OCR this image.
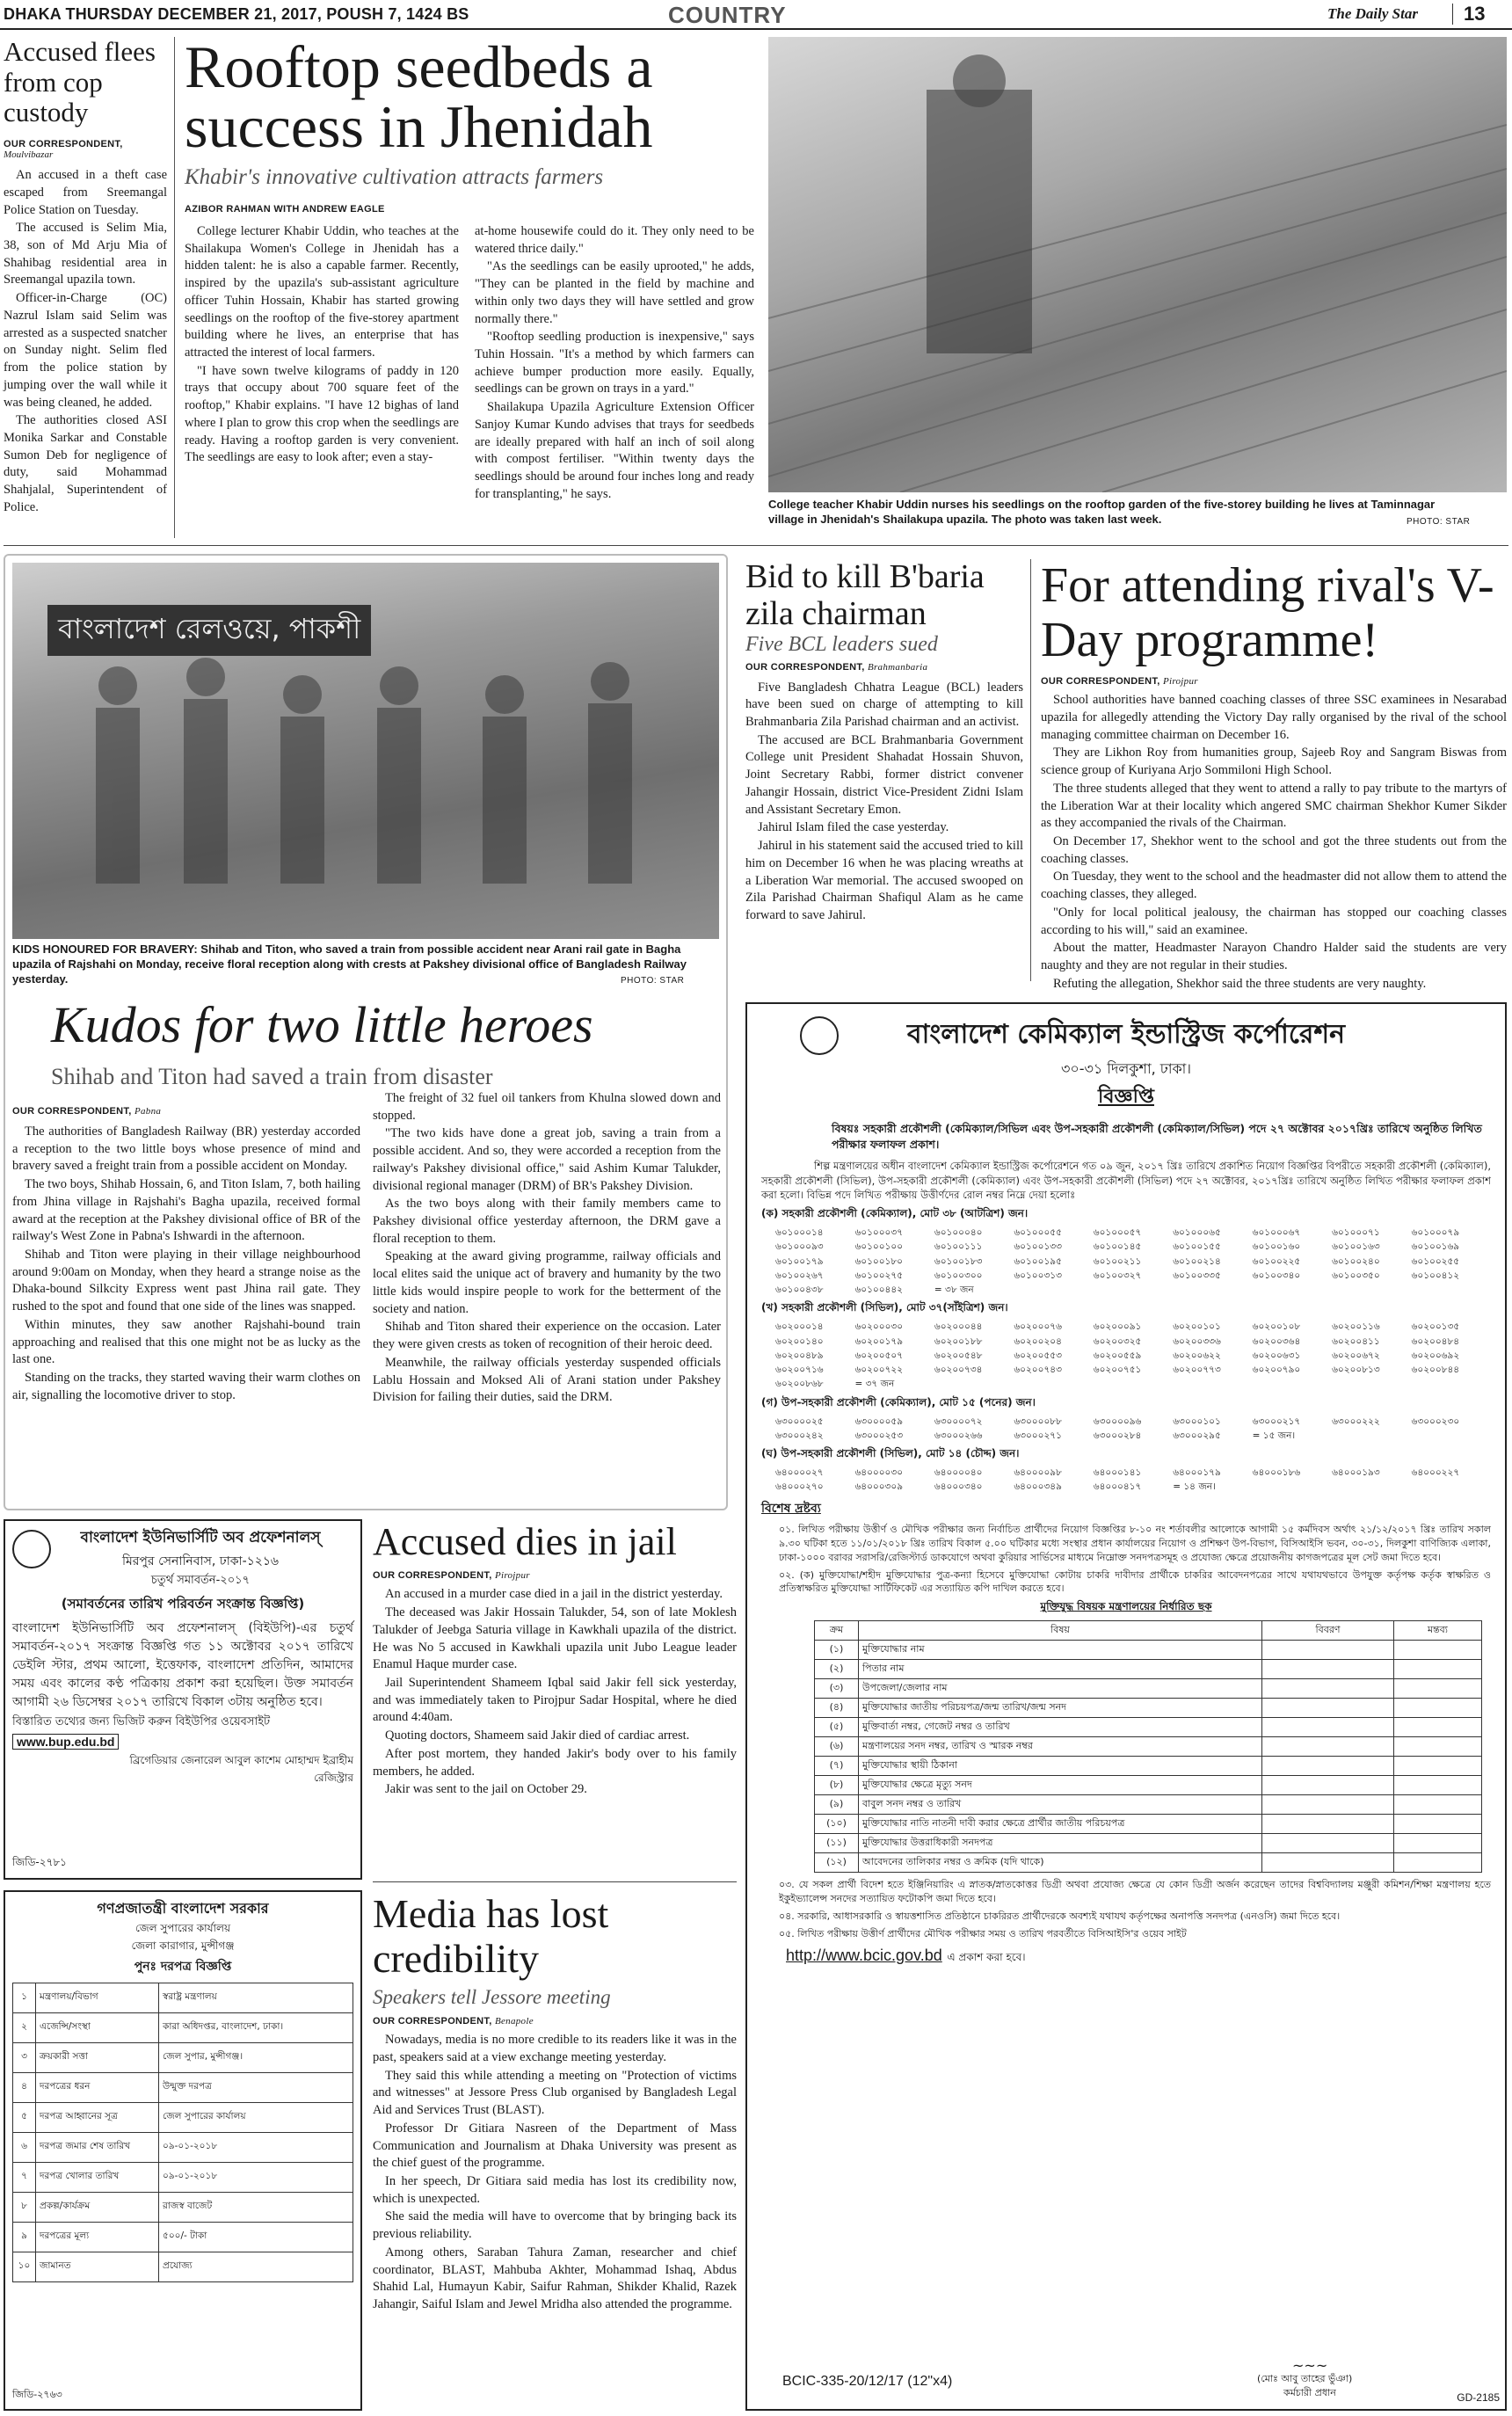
DHAKA THURSDAY DECEMBER 21, 2017, POUSH 7, 1424 BS	COUNTRY	The Daily Star 13
Accused flees from cop custody
OUR CORRESPONDENT,
Moulvibazar

An accused in a theft case escaped from Sreemangal Police Station on Tuesday.

The accused is Selim Mia, 38, son of Md Arju Mia of Shahibag residential area in Sreemangal upazila town.

Officer-in-Charge (OC) Nazrul Islam said Selim was arrested as a suspected snatcher on Sunday night. Selim fled from the police station by jumping over the wall while it was being cleaned, he added.

The authorities closed ASI Monika Sarkar and Constable Sumon Deb for negligence of duty, said Mohammad Shahjalal, Superintendent of Police.

Rooftop seedbeds a success in Jhenidah
Khabir's innovative cultivation attracts farmers
AZIBOR RAHMAN WITH ANDREW EAGLE

College lecturer Khabir Uddin, who teaches at the Shailakupa Women's College in Jhenidah has a hidden talent: he is also a capable farmer. Recently, inspired by the upazila's sub-assistant agriculture officer Tuhin Hossain, Khabir has started growing seedlings on the rooftop of the five-storey apartment building where he lives, an enterprise that has attracted the interest of local farmers.

"I have sown twelve kilograms of paddy in 120 trays that occupy about 700 square feet of the rooftop," Khabir explains. "I have 12 bighas of land where I plan to grow this crop when the seedlings are ready. Having a rooftop garden is very convenient. The seedlings are easy to look after; even a stay-

at-home housewife could do it. They only need to be watered thrice daily."

"As the seedlings can be easily uprooted," he adds, "They can be planted in the field by machine and within only two days they will have settled and grow normally there."

"Rooftop seedling production is inexpensive," says Tuhin Hossain. "It's a method by which farmers can achieve bumper production more easily. Equally, seedlings can be grown on trays in a yard."

Shailakupa Upazila Agriculture Extension Officer Sanjoy Kumar Kundo advises that trays for seedbeds are ideally prepared with half an inch of soil along with compost fertiliser. "Within twenty days the seedlings should be around four inches long and ready for transplanting," he says.

College teacher Khabir Uddin nurses his seedlings on the rooftop garden of the five-storey building he lives at Taminnagar village in Jhenidah's Shailakupa upazila. The photo was taken last week.	PHOTO: STAR
বাংলাদেশ রেলওয়ে, পাকশী
KIDS HONOURED FOR BRAVERY: Shihab and Titon, who saved a train from possible accident near Arani rail gate in Bagha upazila of Rajshahi on Monday, receive floral reception along with crests at Pakshey divisional office of Bangladesh Railway yesterday.	PHOTO: STAR
Kudos for two little heroes
Shihab and Titon had saved a train from disaster
OUR CORRESPONDENT, Pabna

The authorities of Bangladesh Railway (BR) yesterday accorded a reception to the two little boys whose presence of mind and bravery saved a freight train from a possible accident on Monday.

The two boys, Shihab Hossain, 6, and Titon Islam, 7, both hailing from Jhina village in Rajshahi's Bagha upazila, received formal award at the reception at the Pakshey divisional office of BR of the railway's West Zone in Pabna's Ishwardi in the afternoon.

Shihab and Titon were playing in their village neighbourhood around 9:00am on Monday, when they heard a strange noise as the Dhaka-bound Silkcity Express went past Jhina rail gate. They rushed to the spot and found that one side of the lines was snapped.

Within minutes, they saw another Rajshahi-bound train approaching and realised that this one might not be as lucky as the last one.

Standing on the tracks, they started waving their warm clothes on air, signalling the locomotive driver to stop.

The freight of 32 fuel oil tankers from Khulna slowed down and stopped.

"The two kids have done a great job, saving a train from a possible accident. And so, they were accorded a reception from the railway's Pakshey divisional office," said Ashim Kumar Talukder, divisional regional manager (DRM) of BR's Pakshey Division.

As the two boys along with their family members came to Pakshey divisional office yesterday afternoon, the DRM gave a floral reception to them.

Speaking at the award giving programme, railway officials and local elites said the unique act of bravery and humanity by the two little kids would inspire people to work for the betterment of the society and nation.

Shihab and Titon shared their experience on the occasion. Later they were given crests as token of recognition of their heroic deed.

Meanwhile, the railway officials yesterday suspended officials Lablu Hossain and Moksed Ali of Arani station under Pakshey Division for failing their duties, said the DRM.

Bid to kill B'baria zila chairman
Five BCL leaders sued
OUR CORRESPONDENT, Brahmanbaria

Five Bangladesh Chhatra League (BCL) leaders have been sued on charge of attempting to kill Brahmanbaria Zila Parishad chairman and an activist.

The accused are BCL Brahmanbaria Government College unit President Shahadat Hossain Shuvon, Joint Secretary Rabbi, former district convener Jahangir Hossain, district Vice-President Zidni Islam and Assistant Secretary Emon.

Jahirul Islam filed the case yesterday.

Jahirul in his statement said the accused tried to kill him on December 16 when he was placing wreaths at a Liberation War memorial. The accused swooped on Zila Parishad Chairman Shafiqul Alam as he came forward to save Jahirul.

For attending rival's V-Day programme!
OUR CORRESPONDENT, Pirojpur

School authorities have banned coaching classes of three SSC examinees in Nesarabad upazila for allegedly attending the Victory Day rally organised by the rival of the school managing committee chairman on December 16.

They are Likhon Roy from humanities group, Sajeeb Roy and Sangram Biswas from science group of Kuriyana Arjo Sommiloni High School.

The three students alleged that they went to attend a rally to pay tribute to the martyrs of the Liberation War at their locality which angered SMC chairman Shekhor Kumer Sikder as they accompanied the rivals of the Chairman.

On December 17, Shekhor went to the school and got the three students out from the coaching classes.

On Tuesday, they went to the school and the headmaster did not allow them to attend the coaching classes, they alleged.

"Only for local political jealousy, the chairman has stopped our coaching classes according to his will," said an examinee.

About the matter, Headmaster Narayon Chandro Halder said the students are very naughty and they are not regular in their studies.

Refuting the allegation, Shekhor said the three students are very naughty.

বাংলাদেশ কেমিক্যাল ইন্ডাস্ট্রিজ কর্পোরেশন
৩০-৩১ দিলকুশা, ঢাকা।
বিজ্ঞপ্তি
বিষয়ঃ সহকারী প্রকৌশলী (কেমিক্যাল/সিভিল এবং উপ-সহকারী প্রকৌশলী (কেমিক্যাল/সিভিল) পদে ২৭ অক্টোবর ২০১৭খ্রিঃ তারিখে অনুষ্ঠিত লিখিত পরীক্ষার ফলাফল প্রকাশ।
শিল্প মন্ত্রণালয়ের অধীন বাংলাদেশ কেমিক্যাল ইন্ডাস্ট্রিজ কর্পোরেশনে গত ০৯ জুন, ২০১৭ খ্রিঃ তারিখে প্রকাশিত নিয়োগ বিজ্ঞপ্তির বিপরীতে সহকারী প্রকৌশলী (কেমিক্যাল), সহকারী প্রকৌশলী (সিভিল), উপ-সহকারী প্রকৌশলী (কেমিক্যাল) এবং উপ-সহকারী প্রকৌশলী (সিভিল) পদে ২৭ অক্টোবর, ২০১৭খ্রিঃ তারিখে অনুষ্ঠিত লিখিত পরীক্ষার ফলাফল প্রকাশ করা হলো। বিভিন্ন পদে লিখিত পরীক্ষায় উত্তীর্ণদের রোল নম্বর নিম্নে দেয়া হলোঃ
(ক) সহকারী প্রকৌশলী (কেমিক্যাল), মোট ৩৮ (আটত্রিশ) জন।
৬০১০০০১৪	৬০১০০০৩৭	৬০১০০০৪০	৬০১০০০৫৫	৬০১০০০৫৭	৬০১০০০৬৫	৬০১০০০৬৭	৬০১০০০৭১	৬০১০০০৭৯
৬০১০০০৯৩	৬০১০০১০০	৬০১০০১১১	৬০১০০১৩৩	৬০১০০১৪৫	৬০১০০১৫৫	৬০১০০১৬০	৬০১০০১৬৩	৬০১০০১৬৯
৬০১০০১৭৯	৬০১০০১৮০	৬০১০০১৮৩	৬০১০০১৯৫	৬০১০০২১১	৬০১০০২১৪	৬০১০০২২৫	৬০১০০২৪০	৬০১০০২৫৫
৬০১০০২৬৭	৬০১০০২৭৫	৬০১০০৩০০	৬০১০০৩১৩	৬০১০০৩২৭	৬০১০০৩৩৫	৬০১০০৩৪০	৬০১০০৩৫০	৬০১০০৪১২
৬০১০০৪৩৮	৬০১০০৪৪২	= ৩৮ জন
(খ) সহকারী প্রকৌশলী (সিভিল), মোট ৩৭(সাঁইত্রিশ) জন।
৬০২০০০১৪	৬০২০০০৩০	৬০২০০০৪৪	৬০২০০০৭৬	৬০২০০০৯১	৬০২০০১০১	৬০২০০১০৮	৬০২০০১১৬	৬০২০০১৩৫
৬০২০০১৪০	৬০২০০১৭৯	৬০২০০১৮৮	৬০২০০২০৪	৬০২০০৩২৫	৬০২০০৩৩৬	৬০২০০৩৬৪	৬০২০০৪১১	৬০২০০৪৮৪
৬০২০০৪৮৯	৬০২০০৫০৭	৬০২০০৫৪৮	৬০২০০৫৫৩	৬০২০০৫৫৯	৬০২০০৬২২	৬০২০০৬৩১	৬০২০০৬৭২	৬০২০০৬৯২
৬০২০০৭১৬	৬০২০০৭২২	৬০২০০৭৩৪	৬০২০০৭৪৩	৬০২০০৭৫১	৬০২০০৭৭৩	৬০২০০৭৯০	৬০২০০৮১৩	৬০২০০৮৪৪
৬০২০০৮৬৮	= ৩৭ জন
(গ) উপ-সহকারী প্রকৌশলী (কেমিক্যাল), মোট ১৫ (পনের) জন।
৬৩০০০০২৫	৬৩০০০০৫৯	৬৩০০০০৭২	৬৩০০০০৮৮	৬৩০০০০৯৬	৬৩০০০১০১	৬৩০০০২১৭	৬৩০০০২২২	৬৩০০০২৩০
৬৩০০০২৪২	৬৩০০০২৫৩	৬৩০০০২৬৬	৬৩০০০২৭১	৬৩০০০২৮৪	৬৩০০০২৯৫	= ১৫ জন।
(ঘ) উপ-সহকারী প্রকৌশলী (সিভিল), মোট ১৪ (চৌদ্দ) জন।
৬৪০০০০২৭	৬৪০০০০৩০	৬৪০০০০৪০	৬৪০০০০৯৮	৬৪০০০১৪১	৬৪০০০১৭৯	৬৪০০০১৮৬	৬৪০০০১৯৩	৬৪০০০২২৭
৬৪০০০২৭০	৬৪০০০৩০৯	৬৪০০০৩৪০	৬৪০০০৩৪৯	৬৪০০০৪১৭	= ১৪ জন।
বিশেষ দ্রষ্টব্য
০১. লিখিত পরীক্ষায় উত্তীর্ণ ও মৌখিক পরীক্ষার জন্য নির্বাচিত প্রার্থীদের নিয়োগ বিজ্ঞপ্তির ৮-১০ নং শর্তাবলীর আলোকে আগামী ১৫ কর্মদিবস অর্থাৎ ২১/১২/২০১৭ খ্রিঃ তারিখ সকাল ৯.৩০ ঘটিকা হতে ১১/০১/২০১৮ খ্রিঃ তারিখ বিকাল ৫.০০ ঘটিকার মধ্যে সংস্থার প্রধান কার্যালয়ের নিয়োগ ও প্রশিক্ষণ উপ-বিভাগ, বিসিআইসি ভবন, ৩০-৩১, দিলকুশা বাণিজ্যিক এলাকা, ঢাকা-১০০০ বরাবর সরাসরি/রেজিস্টার্ড ডাকযোগে অথবা কুরিয়ার সার্ভিসের মাধ্যমে নিম্নোক্ত সনদপত্রসমূহ ও প্রযোজ্য ক্ষেত্রে প্রয়োজনীয় কাগজপত্রের মূল সেট জমা দিতে হবে।
০২. (ক) মুক্তিযোদ্ধা/শহীদ মুক্তিযোদ্ধার পুত্র-কন্যা হিসেবে মুক্তিযোদ্ধা কোটায় চাকরি দাবীদার প্রার্থীকে চাকরির আবেদনপত্রের সাথে যথাযথভাবে উপযুক্ত কর্তৃপক্ষ কর্তৃক স্বাক্ষরিত ও প্রতিস্বাক্ষরিত মুক্তিযোদ্ধা সার্টিফিকেট এর সত্যায়িত কপি দাখিল করতে হবে।
মুক্তিযুদ্ধ বিষয়ক মন্ত্রণালয়ের নির্ধারিত ছক
ক্রম	বিষয়	বিবরণ	মন্তব্য
(১)	মুক্তিযোদ্ধার নাম		
(২)	পিতার নাম		
(৩)	উপজেলা/জেলার নাম		
(৪)	মুক্তিযোদ্ধার জাতীয় পরিচয়পত্র/জন্ম তারিখ/জন্ম সনদ		
(৫)	মুক্তিবার্তা নম্বর, গেজেট নম্বর ও তারিখ		
(৬)	মন্ত্রণালয়ের সনদ নম্বর, তারিখ ও স্মারক নম্বর		
(৭)	মুক্তিযোদ্ধার স্থায়ী ঠিকানা		
(৮)	মুক্তিযোদ্ধার ক্ষেত্রে মৃত্যু সনদ		
(৯)	বাবুল সনদ নম্বর ও তারিখ		
(১০)	মুক্তিযোদ্ধার নাতি নাতনী দাবী করার ক্ষেত্রে প্রার্থীর জাতীয় পরিচয়পত্র		
(১১)	মুক্তিযোদ্ধার উত্তরাধিকারী সনদপত্র		
(১২)	আবেদনের তালিকার নম্বর ও ক্রমিক (যদি থাকে)		
০৩. যে সকল প্রার্থী বিদেশ হতে ইঞ্জিনিয়ারিং এ স্নাতক/স্নাতকোত্তর ডিগ্রী অথবা প্রযোজ্য ক্ষেত্রে যে কোন ডিগ্রী অর্জন করেছেন তাদের বিশ্ববিদ্যালয় মঞ্জুরী কমিশন/শিক্ষা মন্ত্রণালয় হতে ইকুইভ্যালেন্স সনদের সত্যায়িত ফটোকপি জমা দিতে হবে।
০৪. সরকারি, আধাসরকারি ও স্বায়ত্তশাসিত প্রতিষ্ঠানে চাকরিরত প্রার্থীদেরকে অবশ্যই যথাযথ কর্তৃপক্ষের অনাপত্তি সনদপত্র (এনওসি) জমা দিতে হবে।
০৫. লিখিত পরীক্ষায় উত্তীর্ণ প্রার্থীদের মৌখিক পরীক্ষার সময় ও তারিখ পরবর্তীতে বিসিআইসি'র ওয়েব সাইট
http://www.bcic.gov.bd এ প্রকাশ করা হবে।
BCIC-335-20/12/17 (12"x4)
~~~
(মোঃ আবু তাহের ভুঁঞা)
কর্মচারী প্রধান	GD-2185
বাংলাদেশ ইউনিভার্সিটি অব প্রফেশনালস্
মিরপুর সেনানিবাস, ঢাকা-১২১৬
চতুর্থ সমাবর্তন-২০১৭
(সমাবর্তনের তারিখ পরিবর্তন সংক্রান্ত বিজ্ঞপ্তি)
বাংলাদেশ ইউনিভার্সিটি অব প্রফেশনালস্ (বিইউপি)-এর চতুর্থ সমাবর্তন-২০১৭ সংক্রান্ত বিজ্ঞপ্তি গত ১১ অক্টোবর ২০১৭ তারিখে ডেইলি স্টার, প্রথম আলো, ইত্তেফাক, বাংলাদেশ প্রতিদিন, আমাদের সময় এবং কালের কণ্ঠ পত্রিকায় প্রকাশ করা হয়েছিল। উক্ত সমাবর্তন আগামী ২৬ ডিসেম্বর ২০১৭ তারিখে বিকাল ৩টায় অনুষ্ঠিত হবে।
বিস্তারিত তথ্যের জন্য ভিজিট করুন বিইউপির ওয়েবসাইট
www.bup.edu.bd
ব্রিগেডিয়ার জেনারেল আবুল কাশেম মোহাম্মদ ইব্রাহীম
রেজিস্ট্রার
জিডি-২৭৮১
গণপ্রজাতন্ত্রী বাংলাদেশ সরকার
জেল সুপারের কার্যালয়
জেলা কারাগার, মুন্সীগঞ্জ
পুনঃ দরপত্র বিজ্ঞপ্তি
১	মন্ত্রণালয়/বিভাগ	স্বরাষ্ট্র মন্ত্রণালয়
২	এজেন্সি/সংস্থা	কারা অধিদপ্তর, বাংলাদেশ, ঢাকা।
৩	ক্রয়কারী সত্তা	জেল সুপার, মুন্সীগঞ্জ।
৪	দরপত্রের ধরন	উন্মুক্ত দরপত্র
৫	দরপত্র আহ্বানের সূত্র	জেল সুপারের কার্যালয়
৬	দরপত্র জমার শেষ তারিখ	০৯-০১-২০১৮
৭	দরপত্র খোলার তারিখ	০৯-০১-২০১৮
৮	প্রকল্প/কার্যক্রম	রাজস্ব বাজেট
৯	দরপত্রের মূল্য	৫০০/- টাকা
১০	জামানত	প্রযোজ্য
জিডি-২৭৬৩
Accused dies in jail
OUR CORRESPONDENT, Pirojpur

An accused in a murder case died in a jail in the district yesterday.

The deceased was Jakir Hossain Talukder, 54, son of late Moklesh Talukder of Jeebga Saturia village in Kawkhali upazila of the district. He was No 5 accused in Kawkhali upazila unit Jubo League leader Enamul Haque murder case.

Jail Superintendent Shameem Iqbal said Jakir fell sick yesterday, and was immediately taken to Pirojpur Sadar Hospital, where he died around 4:40am.

Quoting doctors, Shameem said Jakir died of cardiac arrest.

After post mortem, they handed Jakir's body over to his family members, he added.

Jakir was sent to the jail on October 29.

Media has lost credibility
Speakers tell Jessore meeting
OUR CORRESPONDENT, Benapole

Nowadays, media is no more credible to its readers like it was in the past, speakers said at a view exchange meeting yesterday.

They said this while attending a meeting on "Protection of victims and witnesses" at Jessore Press Club organised by Bangladesh Legal Aid and Services Trust (BLAST).

Professor Dr Gitiara Nasreen of the Department of Mass Communication and Journalism at Dhaka University was present as the chief guest of the programme.

In her speech, Dr Gitiara said media has lost its credibility now, which is unexpected.

She said the media will have to overcome that by bringing back its previous reliability.

Among others, Saraban Tahura Zaman, researcher and chief coordinator, BLAST, Mahbuba Akhter, Mohammad Ishaq, Abdus Shahid Lal, Humayun Kabir, Saifur Rahman, Shikder Khalid, Razek Jahangir, Saiful Islam and Jewel Mridha also attended the programme.
